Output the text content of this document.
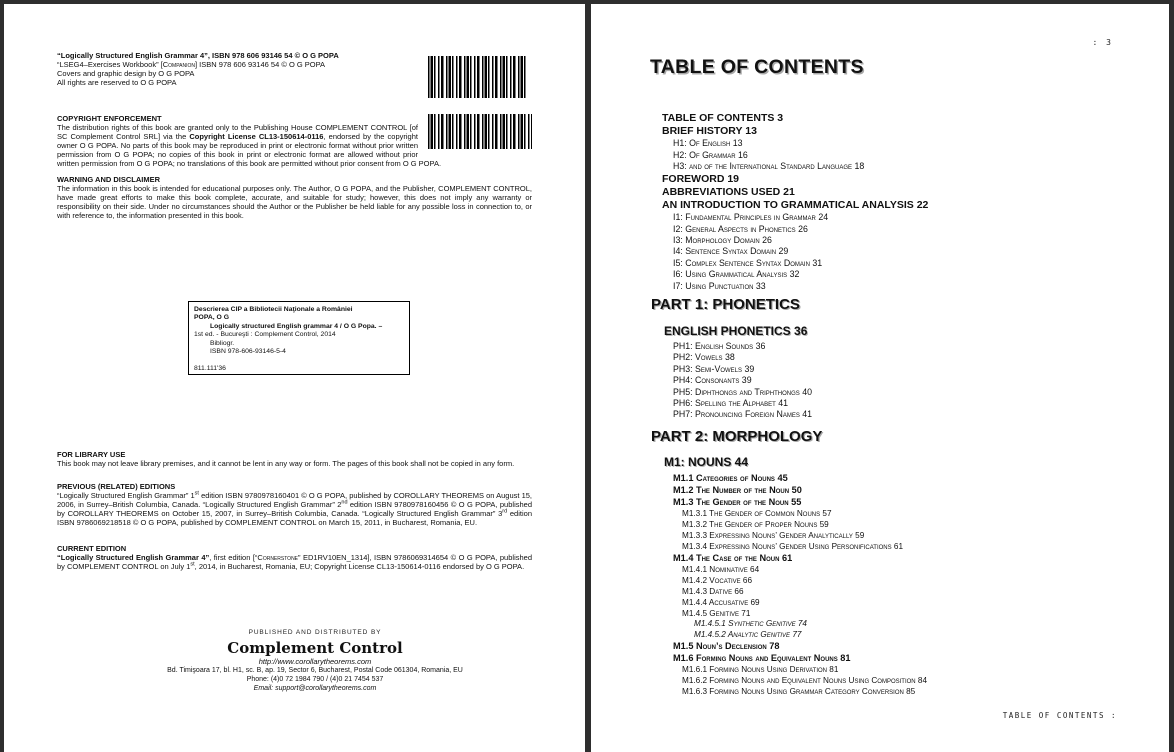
“Logically Structured English Grammar 4”, ISBN 978 606 93146 54 © O G POPA
“LSEG4–Exercises Workbook” [Companion] ISBN 978 606 93146 54 © O G POPA
Covers and graphic design by O G POPA
All rights are reserved to O G POPA
COPYRIGHT ENFORCEMENT

The distribution rights of this book are granted only to the Publishing House COMPLEMENT CONTROL [of SC Complement Control SRL] via the Copyright License CL13-150614-0116, endorsed by the copyright owner O G POPA. No parts of this book may be reproduced in print or electronic format without prior written permission from O G POPA; no copies of this book in print or electronic format are allowed without prior written permission from O G POPA; no translations of this book are permitted without prior consent from O G POPA.

WARNING AND DISCLAIMER

The information in this book is intended for educational purposes only. The Author, O G POPA, and the Publisher, COMPLEMENT CONTROL, have made great efforts to make this book complete, accurate, and suitable for study; however, this does not imply any warranty or responsibility on their side. Under no circumstances should the Author or the Publisher be held liable for any possible loss in connection to, or with reference to, the information presented in this book.

Descrierea CIP a Bibliotecii Naţionale a României
POPA, O G
Logically structured English grammar 4 / O G Popa. –
1st ed. - Bucureşti : Complement Control, 2014
Bibliogr.
ISBN 978-606-93146-5-4
811.111'36
FOR LIBRARY USE

This book may not leave library premises, and it cannot be lent in any way or form. The pages of this book shall not be copied in any form.

PREVIOUS (RELATED) EDITIONS

“Logically Structured English Grammar” 1st edition ISBN 9780978160401 © O G POPA, published by COROLLARY THEOREMS on August 15, 2006, in Surrey–British Columbia, Canada. “Logically Structured English Grammar” 2nd edition ISBN 9780978160456 © O G POPA, published by COROLLARY THEOREMS on October 15, 2007, in Surrey–British Columbia, Canada. “Logically Structured English Grammar” 3rd edition ISBN 9786069218518 © O G POPA, published by COMPLEMENT CONTROL on March 15, 2011, in Bucharest, Romania, EU.

CURRENT EDITION

“Logically Structured English Grammar 4”, first edition [“Cornerstone” ED1RV10EN_1314], ISBN 9786069314654 © O G POPA, published by COMPLEMENT CONTROL on July 1st, 2014, in Bucharest, Romania, EU; Copyright License CL13-150614-0116 endorsed by O G POPA.

PUBLISHED AND DISTRIBUTED BY
Complement Control
http://www.corollarytheorems.com
Bd. Timişoara 17, bl. H1, sc. B, ap. 19, Sector 6, Bucharest, Postal Code 061304, Romania, EU
Phone: (4)0 72 1984 790 / (4)0 21 7454 537
Email: support@corollarytheorems.com
: 3
TABLE OF CONTENTS
TABLE OF CONTENTS 3
BRIEF HISTORY 13
H1: Of English 13
H2: Of Grammar 16
H3: and of the International Standard Language 18
FOREWORD 19
ABBREVIATIONS USED 21
AN INTRODUCTION TO GRAMMATICAL ANALYSIS 22
I1: Fundamental Principles in Grammar 24
I2: General Aspects in Phonetics 26
I3: Morphology Domain 26
I4: Sentence Syntax Domain 29
I5: Complex Sentence Syntax Domain 31
I6: Using Grammatical Analysis 32
I7: Using Punctuation 33
PART 1: PHONETICS
ENGLISH PHONETICS 36
PH1: English Sounds 36
PH2: Vowels 38
PH3: Semi-Vowels 39
PH4: Consonants 39
PH5: Diphthongs and Triphthongs 40
PH6: Spelling the Alphabet 41
PH7: Pronouncing Foreign Names 41
PART 2: MORPHOLOGY
M1: NOUNS 44
M1.1 Categories of Nouns 45
M1.2 The Number of the Noun 50
M1.3 The Gender of the Noun 55
M1.3.1 The Gender of Common Nouns 57
M1.3.2 The Gender of Proper Nouns 59
M1.3.3 Expressing Nouns’ Gender Analytically 59
M1.3.4 Expressing Nouns’ Gender Using Personifications 61
M1.4 The Case of the Noun 61
M1.4.1 Nominative 64
M1.4.2 Vocative 66
M1.4.3 Dative 66
M1.4.4 Accusative 69
M1.4.5 Genitive 71
M1.4.5.1 Synthetic Genitive 74
M1.4.5.2 Analytic Genitive 77
M1.5 Noun’s Declension 78
M1.6 Forming Nouns and Equivalent Nouns 81
M1.6.1 Forming Nouns Using Derivation 81
M1.6.2 Forming Nouns and Equivalent Nouns Using Composition 84
M1.6.3 Forming Nouns Using Grammar Category Conversion 85
TABLE OF CONTENTS :
